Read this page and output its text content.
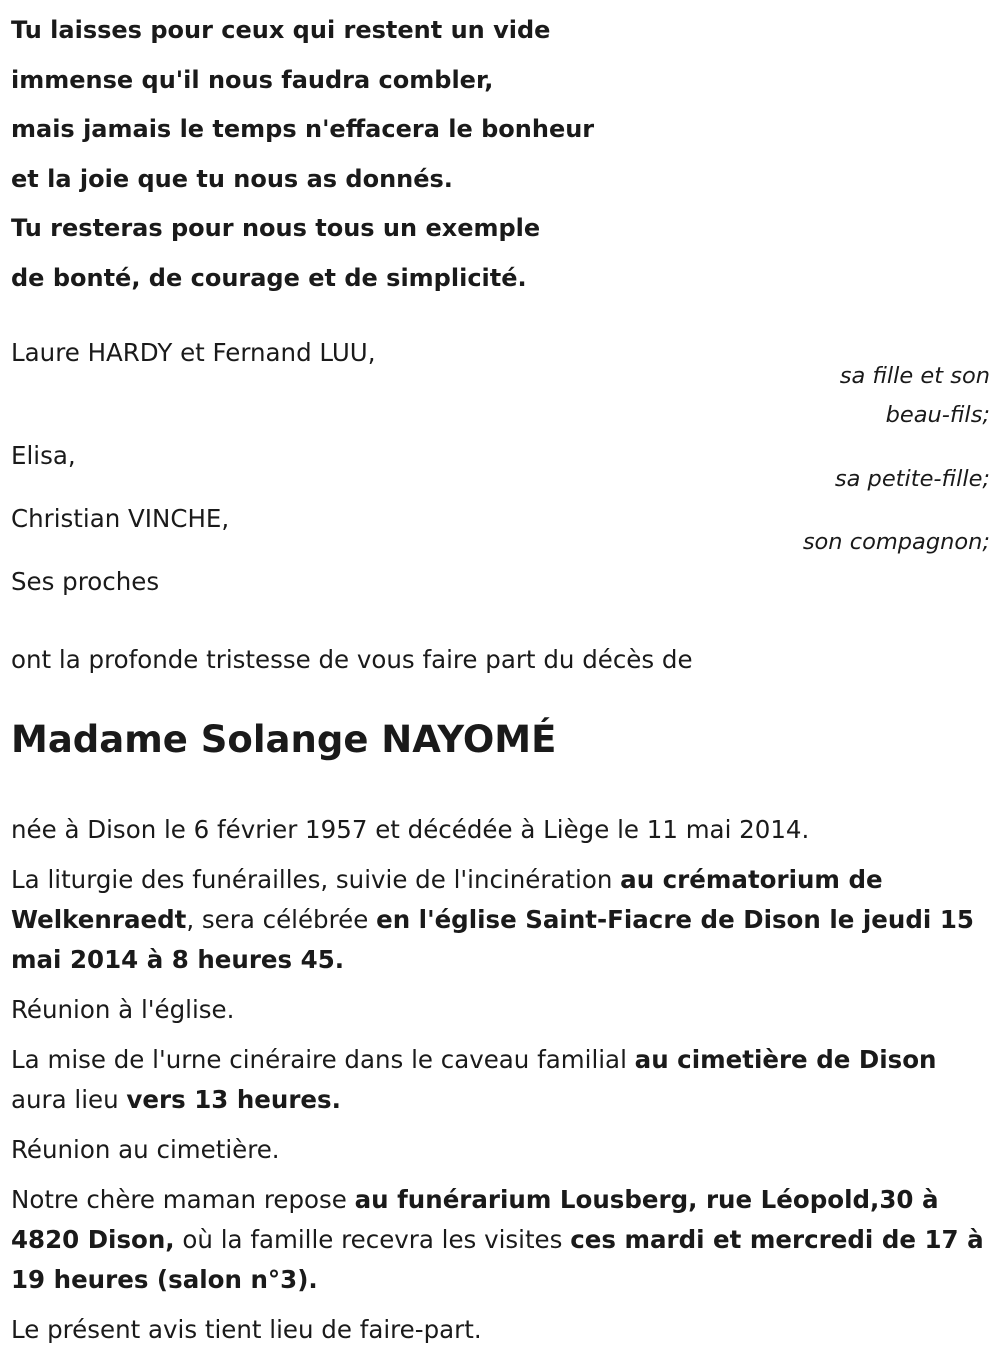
Tu laisses pour ceux qui restent un vide

immense qu'il nous faudra combler,

mais jamais le temps n'effacera le bonheur

et la joie que tu nous as donnés.

Tu resteras pour nous tous un exemple

de bonté, de courage et de simplicité.

Laure HARDY et Fernand LUU,

sa fille et son
beau-fils;

Elisa,

sa petite-fille;

Christian VINCHE,

son compagnon;

Ses proches

ont la profonde tristesse de vous faire part du décès de

Madame Solange NAYOMÉ

née à Dison le 6 février 1957 et décédée à Liège le 11 mai 2014.

La liturgie des funérailles, suivie de l'incinération au crématorium de Welkenraedt, sera célébrée en l'église Saint-Fiacre de Dison le jeudi 15 mai 2014 à 8 heures 45.

Réunion à l'église.

La mise de l'urne cinéraire dans le caveau familial au cimetière de Dison aura lieu vers 13 heures.

Réunion au cimetière.

Notre chère maman repose au funérarium Lousberg, rue Léopold,30 à 4820 Dison, où la famille recevra les visites ces mardi et mercredi de 17 à 19 heures (salon n°3).

Le présent avis tient lieu de faire-part.
